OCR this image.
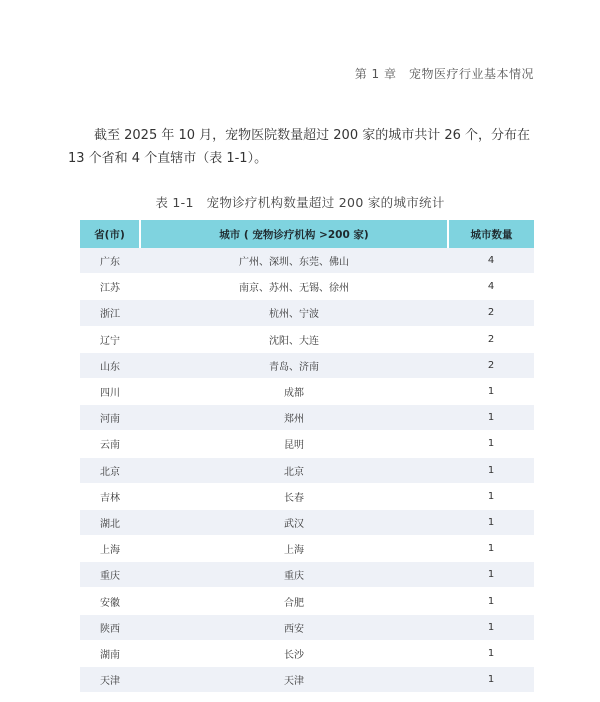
第 1 章　宠物医疗行业基本情况

截至 2025 年 10 月，宠物医院数量超过 200 家的城市共计 26 个，分布在 13 个省和 4 个直辖市（表 1-1）。

表 1-1　宠物诊疗机构数量超过 200 家的城市统计
省(市)	城市 ( 宠物诊疗机构 >200 家)	城市数量
广东	广州、深圳、东莞、佛山	4
江苏	南京、苏州、无锡、徐州	4
浙江	杭州、宁波	2
辽宁	沈阳、大连	2
山东	青岛、济南	2
四川	成都	1
河南	郑州	1
云南	昆明	1
北京	北京	1
吉林	长春	1
湖北	武汉	1
上海	上海	1
重庆	重庆	1
安徽	合肥	1
陕西	西安	1
湖南	长沙	1
天津	天津	1
